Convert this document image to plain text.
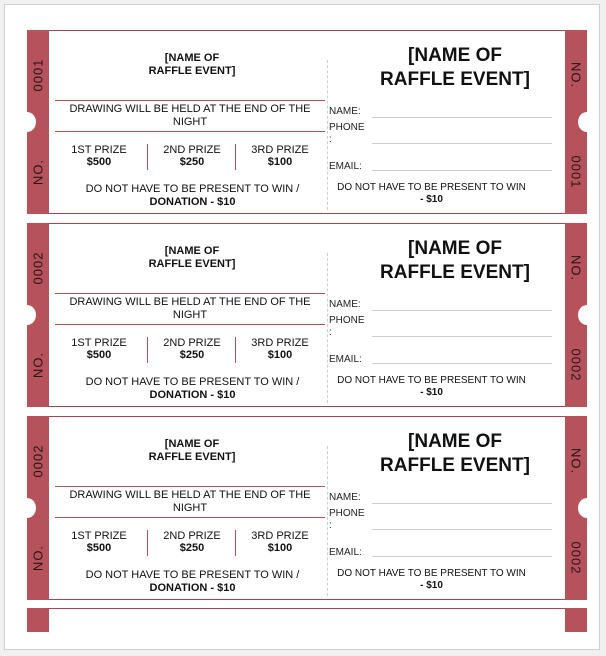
0001
NO.
NO.
0001
[NAME OF
RAFFLE EVENT]
DRAWING WILL BE HELD AT THE END OF THE
NIGHT
1ST PRIZE
$500
2ND PRIZE
$250
3RD PRIZE
$100
DO NOT HAVE TO BE PRESENT TO WIN /
DONATION - $10
[NAME OF
RAFFLE EVENT]
NAME:
PHONE
:
EMAIL:
DO NOT HAVE TO BE PRESENT TO WIN
- $10
0002
NO.
NO.
0002
[NAME OF
RAFFLE EVENT]
DRAWING WILL BE HELD AT THE END OF THE
NIGHT
1ST PRIZE
$500
2ND PRIZE
$250
3RD PRIZE
$100
DO NOT HAVE TO BE PRESENT TO WIN /
DONATION - $10
[NAME OF
RAFFLE EVENT]
NAME:
PHONE
:
EMAIL:
DO NOT HAVE TO BE PRESENT TO WIN
- $10
0002
NO.
NO.
0002
[NAME OF
RAFFLE EVENT]
DRAWING WILL BE HELD AT THE END OF THE
NIGHT
1ST PRIZE
$500
2ND PRIZE
$250
3RD PRIZE
$100
DO NOT HAVE TO BE PRESENT TO WIN /
DONATION - $10
[NAME OF
RAFFLE EVENT]
NAME:
PHONE
:
EMAIL:
DO NOT HAVE TO BE PRESENT TO WIN
- $10
